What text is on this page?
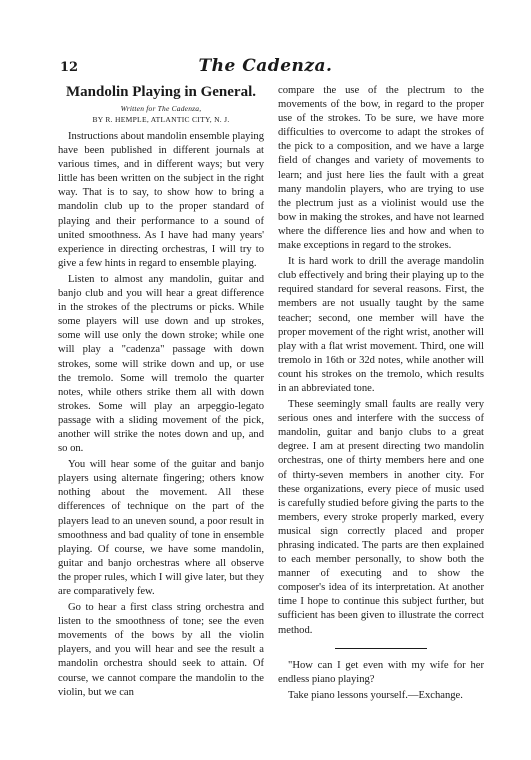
12	The Cadenza.
Mandolin Playing in General.
Written for The Cadenza,
BY R. HEMPLE, ATLANTIC CITY, N. J.

Instructions about mandolin ensemble playing have been published in different journals at various times, and in different ways; but very little has been written on the subject in the right way. That is to say, to show how to bring a mandolin club up to the proper standard of playing and their performance to a sound of united smoothness. As I have had many years' experience in directing orchestras, I will try to give a few hints in regard to ensemble playing.

Listen to almost any mandolin, guitar and banjo club and you will hear a great difference in the strokes of the plectrums or picks. While some players will use down and up strokes, some will use only the down stroke; while one will play a "cadenza" passage with down strokes, some will strike down and up, or use the tremolo. Some will tremolo the quarter notes, while others strike them all with down strokes. Some will play an arpeggio-legato passage with a sliding movement of the pick, another will strike the notes down and up, and so on.

You will hear some of the guitar and banjo players using alternate fingering; others know nothing about the movement. All these differences of technique on the part of the players lead to an uneven sound, a poor result in smoothness and bad quality of tone in ensemble playing. Of course, we have some mandolin, guitar and banjo orchestras where all observe the proper rules, which I will give later, but they are comparatively few.

Go to hear a first class string orchestra and listen to the smoothness of tone; see the even movements of the bows by all the violin players, and you will hear and see the result a mandolin orchestra should seek to attain. Of course, we cannot compare the mandolin to the violin, but we can

compare the use of the plectrum to the movements of the bow, in regard to the proper use of the strokes. To be sure, we have more difficulties to overcome to adapt the strokes of the pick to a composition, and we have a large field of changes and variety of movements to learn; and just here lies the fault with a great many mandolin players, who are trying to use the plectrum just as a violinist would use the bow in making the strokes, and have not learned where the difference lies and how and when to make exceptions in regard to the strokes.

It is hard work to drill the average mandolin club effectively and bring their playing up to the required standard for several reasons. First, the members are not usually taught by the same teacher; second, one member will have the proper movement of the right wrist, another will play with a flat wrist movement. Third, one will tremolo in 16th or 32d notes, while another will count his strokes on the tremolo, which results in an abbreviated tone.

These seemingly small faults are really very serious ones and interfere with the success of mandolin, guitar and banjo clubs to a great degree. I am at present directing two mandolin orchestras, one of thirty members here and one of thirty-seven members in another city. For these organizations, every piece of music used is carefully studied before giving the parts to the members, every stroke properly marked, every musical sign correctly placed and proper phrasing indicated. The parts are then explained to each member personally, to show both the manner of executing and to show the composer's idea of its interpretation. At another time I hope to continue this subject further, but sufficient has been given to illustrate the correct method.

"How can I get even with my wife for her endless piano playing?

Take piano lessons yourself.—Exchange.
